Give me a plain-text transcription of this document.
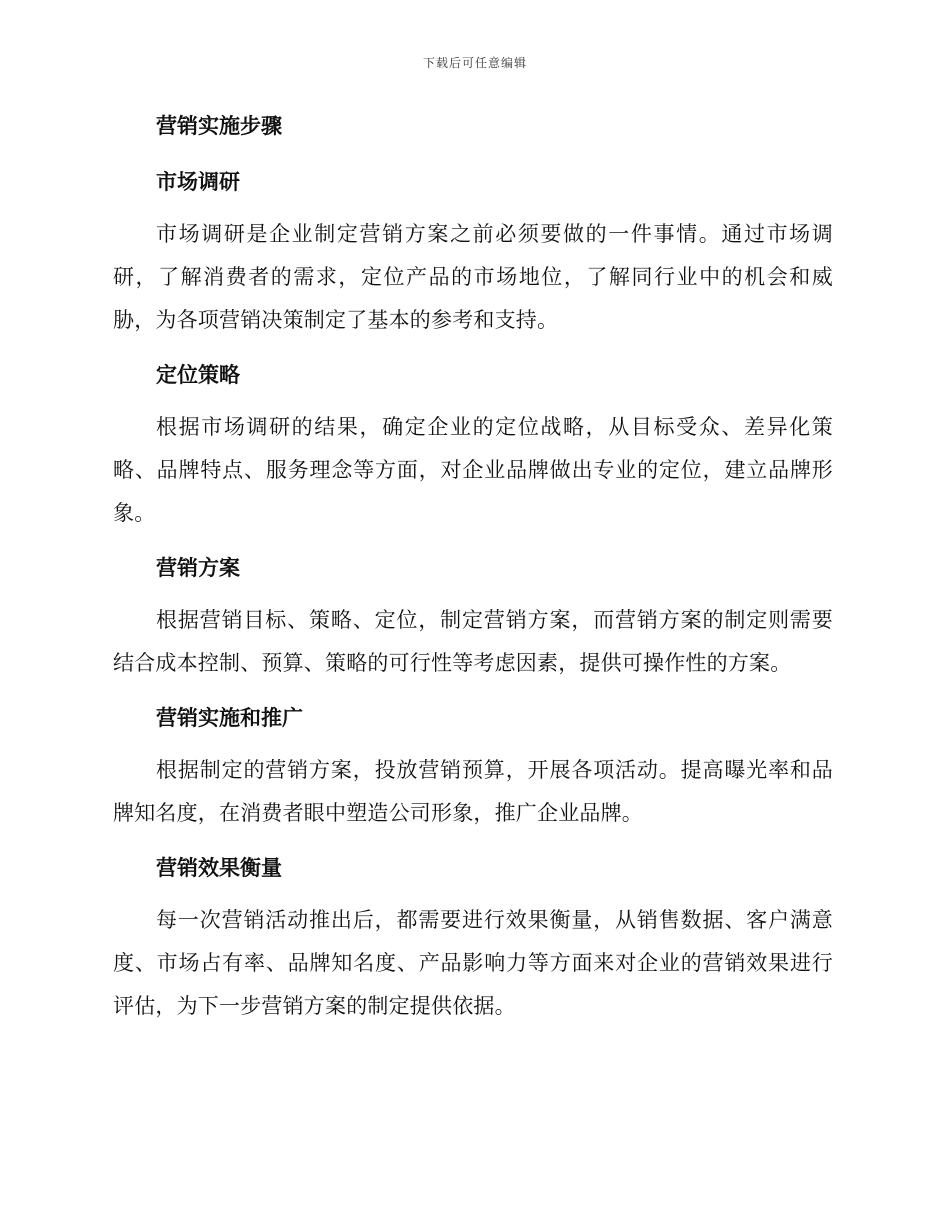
下载后可任意编辑
营销实施步骤
市场调研

市场调研是企业制定营销方案之前必须要做的一件事情。通过市场调研，了解消费者的需求，定位产品的市场地位，了解同行业中的机会和威胁，为各项营销决策制定了基本的参考和支持。

定位策略

根据市场调研的结果，确定企业的定位战略，从目标受众、差异化策略、品牌特点、服务理念等方面，对企业品牌做出专业的定位，建立品牌形象。

营销方案

根据营销目标、策略、定位，制定营销方案，而营销方案的制定则需要结合成本控制、预算、策略的可行性等考虑因素，提供可操作性的方案。

营销实施和推广

根据制定的营销方案，投放营销预算，开展各项活动。提高曝光率和品牌知名度，在消费者眼中塑造公司形象，推广企业品牌。

营销效果衡量

每一次营销活动推出后，都需要进行效果衡量，从销售数据、客户满意度、市场占有率、品牌知名度、产品影响力等方面来对企业的营销效果进行评估，为下一步营销方案的制定提供依据。
